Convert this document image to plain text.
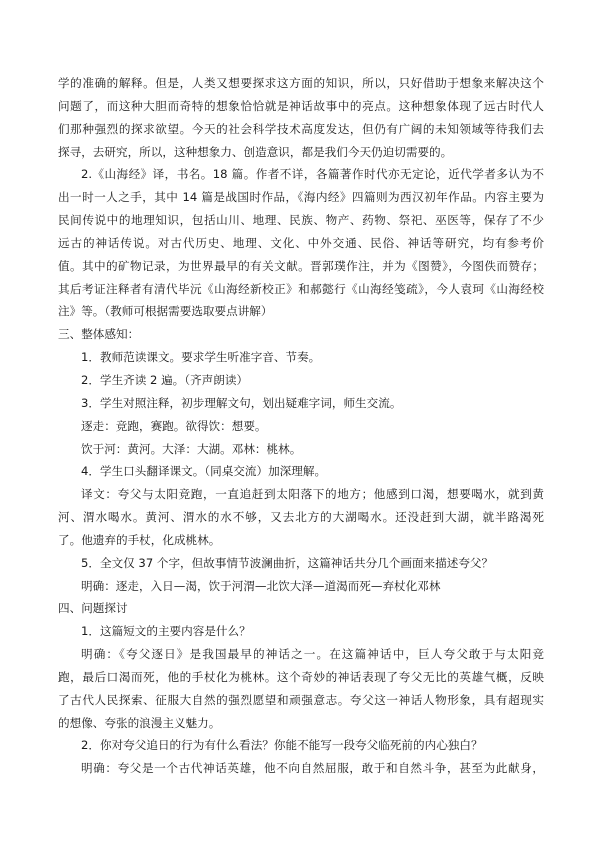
学的准确的解释。但是，人类又想要探求这方面的知识，所以，只好借助于想象来解决这个
问题了，而这种大胆而奇特的想象恰恰就是神话故事中的亮点。这种想象体现了远古时代人
们那种强烈的探求欲望。今天的社会科学技术高度发达，但仍有广阔的未知领域等待我们去
探寻，去研究，所以，这种想象力、创造意识，都是我们今天仍迫切需要的。
2.《山海经》译，书名。18 篇。作者不详，各篇著作时代亦无定论，近代学者多认为不
出一时一人之手，其中 14 篇是战国时作品，《海内经》四篇则为西汉初年作品。内容主要为
民间传说中的地理知识，包括山川、地理、民族、物产、药物、祭祀、巫医等，保存了不少
远古的神话传说。对古代历史、地理、文化、中外交通、民俗、神话等研究，均有参考价
值。其中的矿物记录，为世界最早的有关文献。晋郭璞作注，并为《图赞》，今图佚而赞存；
其后考证注释者有清代毕沅《山海经新校正》和郝懿行《山海经笺疏》，今人袁珂《山海经校
注》等。（教师可根据需要选取要点讲解）
三、整体感知：
1．教师范读课文。要求学生听准字音、节奏。
2．学生齐读 2 遍。（齐声朗读）
3．学生对照注释，初步理解文句，划出疑难字词，师生交流。
逐走：竞跑，赛跑。欲得饮：想要。
饮于河：黄河。大泽：大湖。邓林：桃林。
4．学生口头翻译课文。（同桌交流）加深理解。
译文：夸父与太阳竞跑，一直追赶到太阳落下的地方；他感到口渴，想要喝水，就到黄
河、渭水喝水。黄河、渭水的水不够，又去北方的大湖喝水。还没赶到大湖，就半路渴死
了。他遗弃的手杖，化成桃林。
5．全文仅 37 个字，但故事情节波澜曲折，这篇神话共分几个画面来描述夸父？
明确：逐走，入日—渴，饮于河渭—北饮大泽—道渴而死—弃杖化邓林
四、问题探讨
1．这篇短文的主要内容是什么？
明确：《夸父逐日》是我国最早的神话之一。在这篇神话中，巨人夸父敢于与太阳竞
跑，最后口渴而死，他的手杖化为桃林。这个奇妙的神话表现了夸父无比的英雄气概，反映
了古代人民探索、征服大自然的强烈愿望和顽强意志。夸父这一神话人物形象，具有超现实
的想像、夸张的浪漫主义魅力。
2．你对夸父追日的行为有什么看法？你能不能写一段夸父临死前的内心独白？
明确：夸父是一个古代神话英雄，他不向自然屈服，敢于和自然斗争，甚至为此献身，
